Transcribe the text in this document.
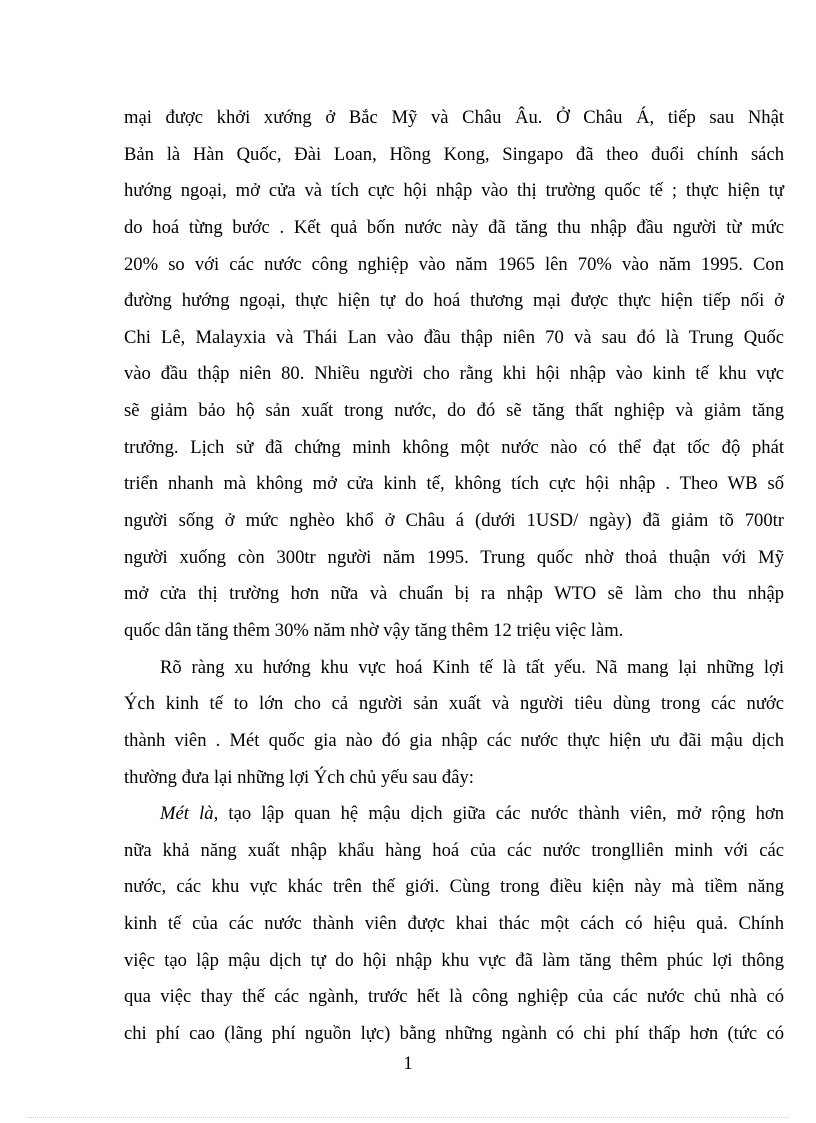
mại được khởi xướng ở Bắc Mỹ và Châu Âu. Ở Châu Á, tiếp sau Nhật
Bản là Hàn Quốc, Đài Loan, Hồng Kong, Singapo đã theo đuổi chính sách
hướng ngoại, mở cửa và tích cực hội nhập vào thị trường quốc tế ; thực hiện tự
do hoá từng bước . Kết quả bốn nước này đã tăng thu nhập đầu người từ mức
20% so với các nước công nghiệp vào năm 1965 lên 70% vào năm 1995. Con
đường hướng ngoại, thực hiện tự do hoá thương mại được thực hiện tiếp nối ở
Chi Lê, Malayxia và Thái Lan vào đầu thập niên 70 và sau đó là Trung Quốc
vào đầu thập niên 80. Nhiều người cho rằng khi hội nhập vào kinh tế khu vực
sẽ giảm bảo hộ sản xuất trong nước, do đó sẽ tăng thất nghiệp và giảm tăng
trưởng. Lịch sử đã chứng minh không một nước nào có thể đạt tốc độ phát
triển nhanh mà không mở cửa kinh tế, không tích cực hội nhập . Theo WB số
người sống ở mức nghèo khổ ở Châu á (dưới 1USD/ ngày) đã giảm tõ 700tr
người xuống còn 300tr người năm 1995. Trung quốc nhờ thoả thuận với Mỹ
mở cửa thị trường hơn nữa và chuẩn bị ra nhập WTO sẽ làm cho thu nhập
quốc dân tăng thêm 30% năm nhờ vậy tăng thêm 12 triệu việc làm.
Rõ ràng xu hướng khu vực hoá Kinh tế là tất yếu. Nã mang lại những lợi
Ých kinh tế to lớn cho cả người sản xuất và người tiêu dùng trong các nước
thành viên . Mét quốc gia nào đó gia nhập các nước thực hiện ưu đãi mậu dịch
thường đưa lại những lợi Ých chủ yếu sau đây:
Mét là, tạo lập quan hệ mậu dịch giữa các nước thành viên, mở rộng hơn
nữa khả năng xuất nhập khẩu hàng hoá của các nước tronglliên minh với các
nước, các khu vực khác trên thế giới. Cùng trong điều kiện này mà tiềm năng
kinh tế của các nước thành viên được khai thác một cách có hiệu quả. Chính
việc tạo lập mậu dịch tự do hội nhập khu vực đã làm tăng thêm phúc lợi thông
qua việc thay thế các ngành, trước hết là công nghiệp của các nước chủ nhà có
chi phí cao (lãng phí nguồn lực) bằng những ngành có chi phí thấp hơn (tức có
1
